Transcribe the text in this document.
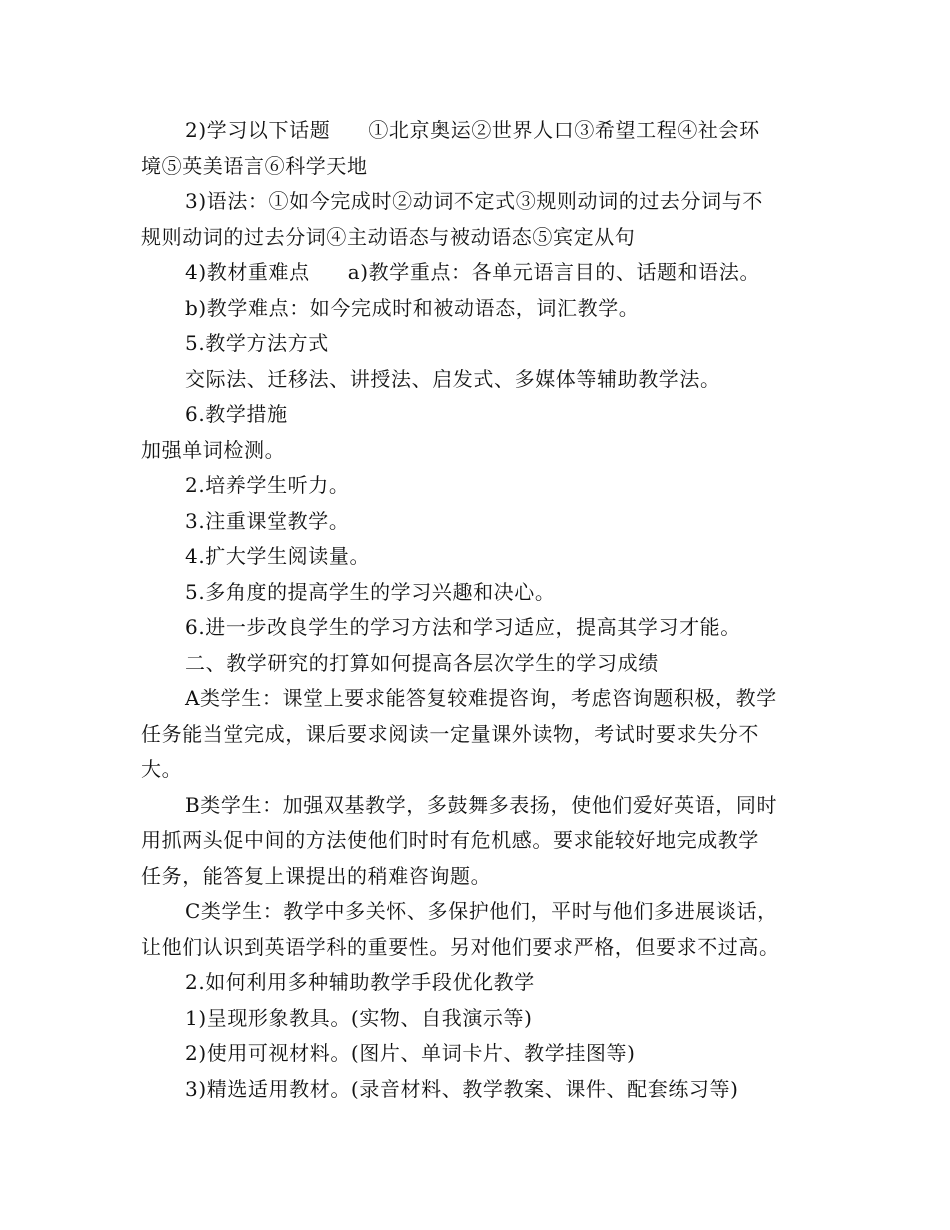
2)学习以下话题 ①北京奥运②世界人口③希望工程④社会环
境⑤英美语言⑥科学天地
3)语法：①如今完成时②动词不定式③规则动词的过去分词与不
规则动词的过去分词④主动语态与被动语态⑤宾定从句
4)教材重难点 a)教学重点：各单元语言目的、话题和语法。
b)教学难点：如今完成时和被动语态，词汇教学。
5.教学方法方式
交际法、迁移法、讲授法、启发式、多媒体等辅助教学法。
6.教学措施
加强单词检测。
2.培养学生听力。
3.注重课堂教学。
4.扩大学生阅读量。
5.多角度的提高学生的学习兴趣和决心。
6.进一步改良学生的学习方法和学习适应，提高其学习才能。
二、教学研究的打算如何提高各层次学生的学习成绩
A类学生：课堂上要求能答复较难提咨询，考虑咨询题积极，教学
任务能当堂完成，课后要求阅读一定量课外读物，考试时要求失分不
大。
B类学生：加强双基教学，多鼓舞多表扬，使他们爱好英语，同时
用抓两头促中间的方法使他们时时有危机感。要求能较好地完成教学
任务，能答复上课提出的稍难咨询题。
C类学生：教学中多关怀、多保护他们，平时与他们多进展谈话，
让他们认识到英语学科的重要性。另对他们要求严格，但要求不过高。
2.如何利用多种辅助教学手段优化教学
1)呈现形象教具。(实物、自我演示等)
2)使用可视材料。(图片、单词卡片、教学挂图等)
3)精选适用教材。(录音材料、教学教案、课件、配套练习等)
